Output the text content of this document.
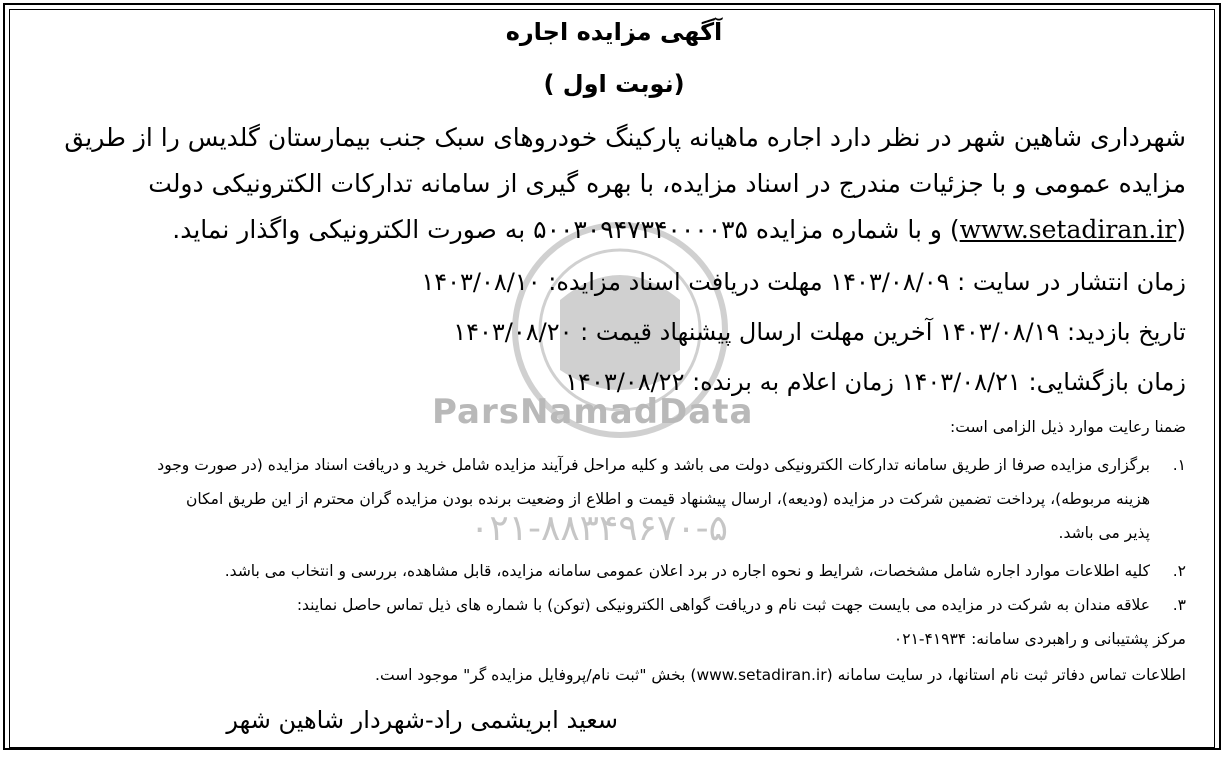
ParsNamadData
۰۲۱-۸۸۳۴۹۶۷۰-۵
آگهی مزایده اجاره
(نوبت اول )
شهرداری شاهین شهر در نظر دارد اجاره ماهیانه پارکینگ خودروهای سبک جنب بیمارستان گلدیس را از طریق
مزایده عمومی و با جزئیات مندرج در اسناد مزایده، با بهره گیری از سامانه تدارکات الکترونیکی دولت
(www.setadiran.ir) و با شماره مزایده ۵۰۰۳۰۹۴۷۳۴۰۰۰۰۳۵ به صورت الکترونیکی واگذار نماید.
زمان انتشار در سایت : ۱۴۰۳/۰۸/۰۹ مهلت دریافت اسناد مزایده: ۱۴۰۳/۰۸/۱۰
تاریخ بازدید: ۱۴۰۳/۰۸/۱۹ آخرین مهلت ارسال پیشنهاد قیمت : ۱۴۰۳/۰۸/۲۰
زمان بازگشایی: ۱۴۰۳/۰۸/۲۱ زمان اعلام به برنده: ۱۴۰۳/۰۸/۲۲
ضمنا رعایت موارد ذیل الزامی است:
۱.برگزاری مزایده صرفا از طریق سامانه تدارکات الکترونیکی دولت می باشد و کلیه مراحل فرآیند مزایده شامل خرید و دریافت اسناد مزایده (در صورت وجود
هزینه مربوطه)، پرداخت تضمین شرکت در مزایده (ودیعه)، ارسال پیشنهاد قیمت و اطلاع از وضعیت برنده بودن مزایده گران محترم از این طریق امکان
پذیر می باشد.
۲.کلیه اطلاعات موارد اجاره شامل مشخصات، شرایط و نحوه اجاره در برد اعلان عمومی سامانه مزایده، قابل مشاهده، بررسی و انتخاب می باشد.
۳.علاقه مندان به شرکت در مزایده می بایست جهت ثبت نام و دریافت گواهی الکترونیکی (توکن) با شماره های ذیل تماس حاصل نمایند:
مرکز پشتیبانی و راهبردی سامانه: ۴۱۹۳۴-۰۲۱
اطلاعات تماس دفاتر ثبت نام استانها، در سایت سامانه (www.setadiran.ir) بخش "ثبت نام/پروفایل مزایده گر" موجود است.
سعید ابریشمی راد-شهردار شاهین شهر
